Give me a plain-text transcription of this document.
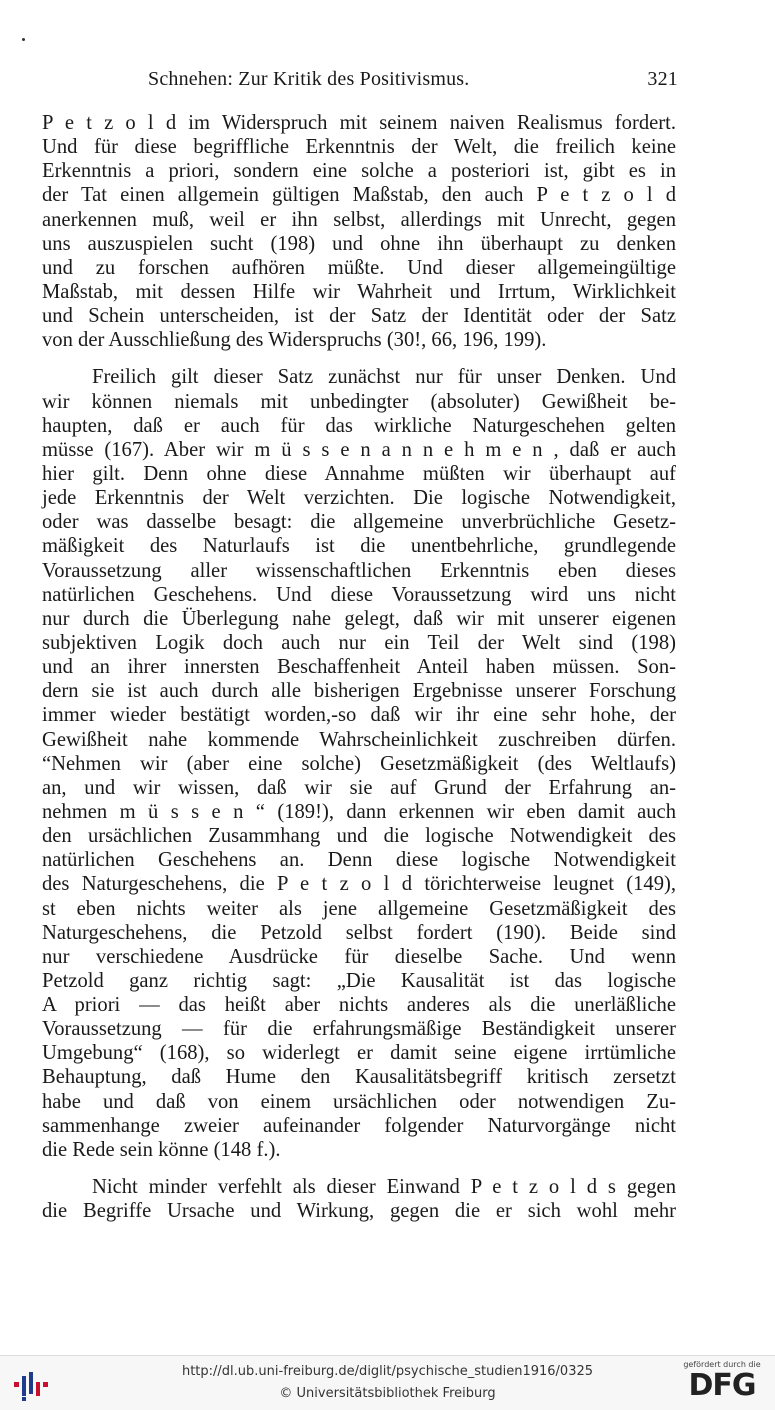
Schnehen: Zur Kritik des Positivismus.	321
P e t z o l d im Widerspruch mit seinem naiven Realismus fordert.
Und für diese begriffliche Erkenntnis der Welt, die freilich keine
Erkenntnis a priori, sondern eine solche a posteriori ist, gibt es in
der Tat einen allgemein gültigen Maßstab, den auch P e t z o l d
anerkennen muß, weil er ihn selbst, allerdings mit Unrecht, gegen
uns auszuspielen sucht (198) und ohne ihn überhaupt zu denken
und zu forschen aufhören müßte. Und dieser allgemeingültige
Maßstab, mit dessen Hilfe wir Wahrheit und Irrtum, Wirklichkeit
und Schein unterscheiden, ist der Satz der Identität oder der Satz
von der Ausschließung des Widerspruchs (30!, 66, 196, 199).
Freilich gilt dieser Satz zunächst nur für unser Denken. Und
wir können niemals mit unbedingter (absoluter) Gewißheit be-
haupten, daß er auch für das wirkliche Naturgeschehen gelten
müsse (167). Aber wir m ü s s e n a n n e h m e n , daß er auch
hier gilt. Denn ohne diese Annahme müßten wir überhaupt auf
jede Erkenntnis der Welt verzichten. Die logische Notwendigkeit,
oder was dasselbe besagt: die allgemeine unverbrüchliche Gesetz-
mäßigkeit des Naturlaufs ist die unentbehrliche, grundlegende
Voraussetzung aller wissenschaftlichen Erkenntnis eben dieses
natürlichen Geschehens. Und diese Voraussetzung wird uns nicht
nur durch die Überlegung nahe gelegt, daß wir mit unserer eigenen
subjektiven Logik doch auch nur ein Teil der Welt sind (198)
und an ihrer innersten Beschaffenheit Anteil haben müssen. Son-
dern sie ist auch durch alle bisherigen Ergebnisse unserer Forschung
immer wieder bestätigt worden,-so daß wir ihr eine sehr hohe, der
Gewißheit nahe kommende Wahrscheinlichkeit zuschreiben dürfen.
“Nehmen wir (aber eine solche) Gesetzmäßigkeit (des Weltlaufs)
an, und wir wissen, daß wir sie auf Grund der Erfahrung an-
nehmen m ü s s e n “ (189!), dann erkennen wir eben damit auch
den ursächlichen Zusammhang und die logische Notwendigkeit des
natürlichen Geschehens an. Denn diese logische Notwendigkeit
des Naturgeschehens, die P e t z o l d törichterweise leugnet (149),
st eben nichts weiter als jene allgemeine Gesetzmäßigkeit des
Naturgeschehens, die Petzold selbst fordert (190). Beide sind
nur verschiedene Ausdrücke für dieselbe Sache. Und wenn
Petzold ganz richtig sagt: „Die Kausalität ist das logische
A priori — das heißt aber nichts anderes als die unerläßliche
Voraussetzung — für die erfahrungsmäßige Beständigkeit unserer
Umgebung“ (168), so widerlegt er damit seine eigene irrtümliche
Behauptung, daß Hume den Kausalitätsbegriff kritisch zersetzt
habe und daß von einem ursächlichen oder notwendigen Zu-
sammenhange zweier aufeinander folgender Naturvorgänge nicht
die Rede sein könne (148 f.).
Nicht minder verfehlt als dieser Einwand P e t z o l d s gegen
die Begriffe Ursache und Wirkung, gegen die er sich wohl mehr
http://dl.ub.uni-freiburg.de/diglit/psychische_studien1916/0325
© Universitätsbibliothek Freiburg
gefördert durch die
DFG
